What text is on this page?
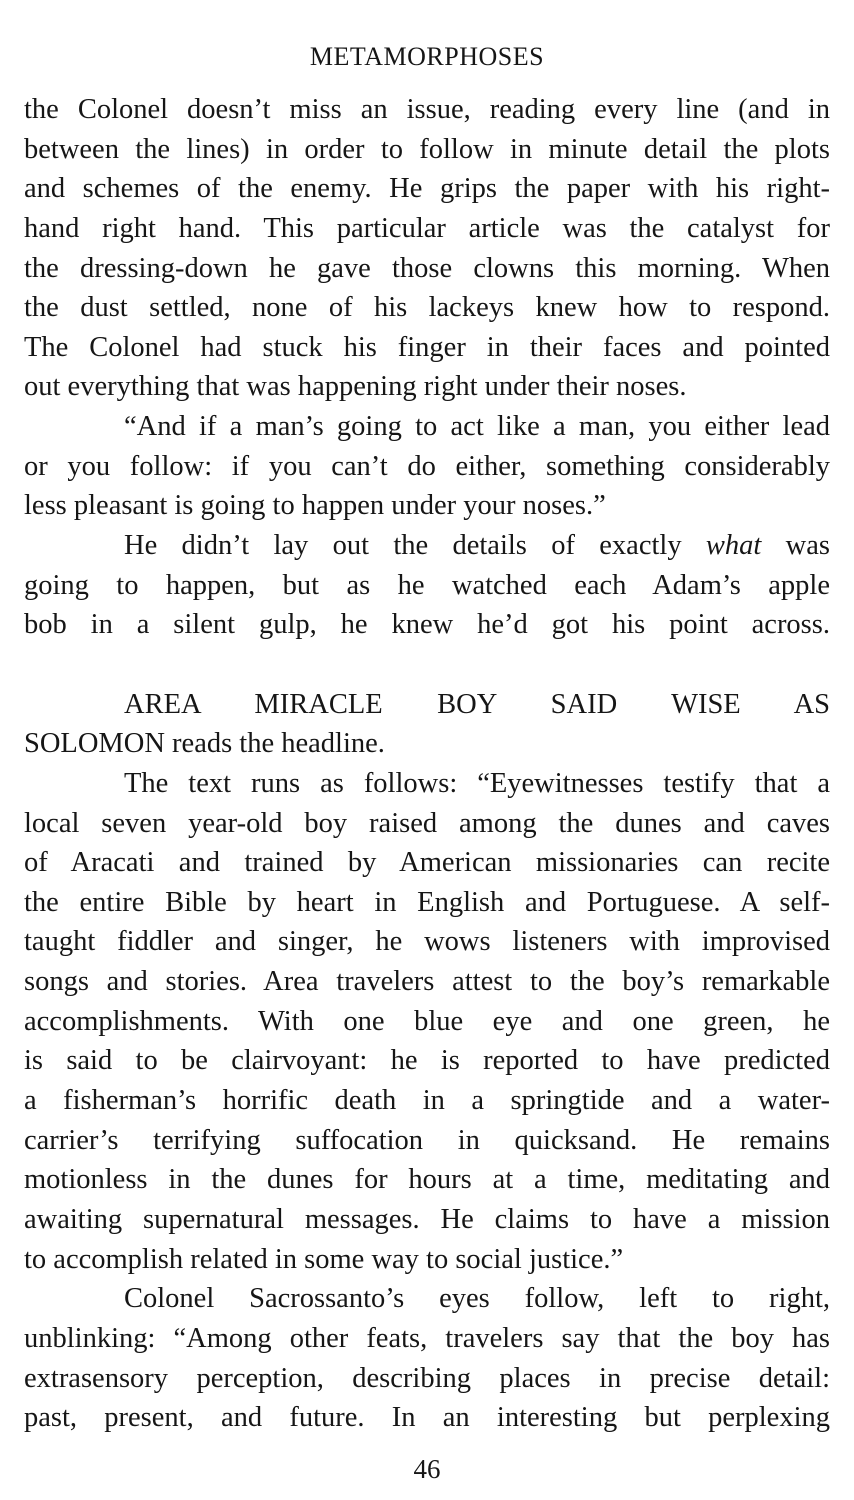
METAMORPHOSES
the Colonel doesn’t miss an issue, reading every line (and in
between the lines) in order to follow in minute detail the plots
and schemes of the enemy. He grips the paper with his right-
hand right hand. This particular article was the catalyst for
the dressing-down he gave those clowns this morning. When
the dust settled, none of his lackeys knew how to respond.
The Colonel had stuck his finger in their faces and pointed
out everything that was happening right under their noses.
“And if a man’s going to act like a man, you either lead
or you follow: if you can’t do either, something considerably
less pleasant is going to happen under your noses.”
He didn’t lay out the details of exactly what was
going to happen, but as he watched each Adam’s apple
bob in a silent gulp, he knew he’d got his point across.
AREA MIRACLE BOY SAID WISE AS
SOLOMON reads the headline.
The text runs as follows: “Eyewitnesses testify that a
local seven year-old boy raised among the dunes and caves
of Aracati and trained by American missionaries can recite
the entire Bible by heart in English and Portuguese. A self-
taught fiddler and singer, he wows listeners with improvised
songs and stories. Area travelers attest to the boy’s remarkable
accomplishments. With one blue eye and one green, he
is said to be clairvoyant: he is reported to have predicted
a fisherman’s horrific death in a springtide and a water-
carrier’s terrifying suffocation in quicksand. He remains
motionless in the dunes for hours at a time, meditating and
awaiting supernatural messages. He claims to have a mission
to accomplish related in some way to social justice.”
Colonel Sacrossanto’s eyes follow, left to right,
unblinking: “Among other feats, travelers say that the boy has
extrasensory perception, describing places in precise detail:
past, present, and future. In an interesting but perplexing
46
